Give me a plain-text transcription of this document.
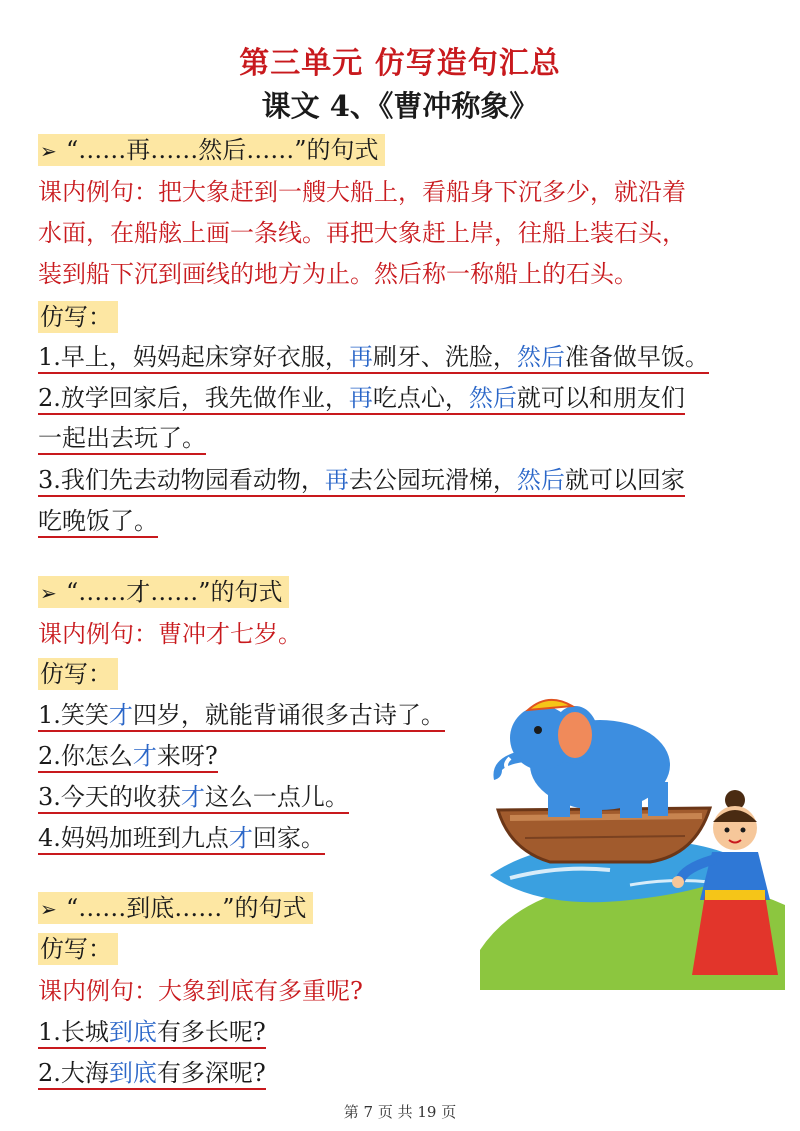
第三单元 仿写造句汇总
课文 4、《曹冲称象》
➢ “……再……然后……”的句式
课内例句：把大象赶到一艘大船上，看船身下沉多少，就沿着
水面，在船舷上画一条线。再把大象赶上岸，往船上装石头，
装到船下沉到画线的地方为止。然后称一称船上的石头。
仿写：
1.早上，妈妈起床穿好衣服，再刷牙、洗脸，然后准备做早饭。
2.放学回家后，我先做作业，再吃点心，然后就可以和朋友们
一起出去玩了。
3.我们先去动物园看动物，再去公园玩滑梯，然后就可以回家
吃晚饭了。
➢ “……才……”的句式
课内例句：曹冲才七岁。
仿写：
1.笑笑才四岁，就能背诵很多古诗了。
2.你怎么才来呀?
3.今天的收获才这么一点儿。
4.妈妈加班到九点才回家。
➢ “……到底……”的句式
仿写：
课内例句：大象到底有多重呢?
1.长城到底有多长呢?
2.大海到底有多深呢?
第 7 页 共 19 页
